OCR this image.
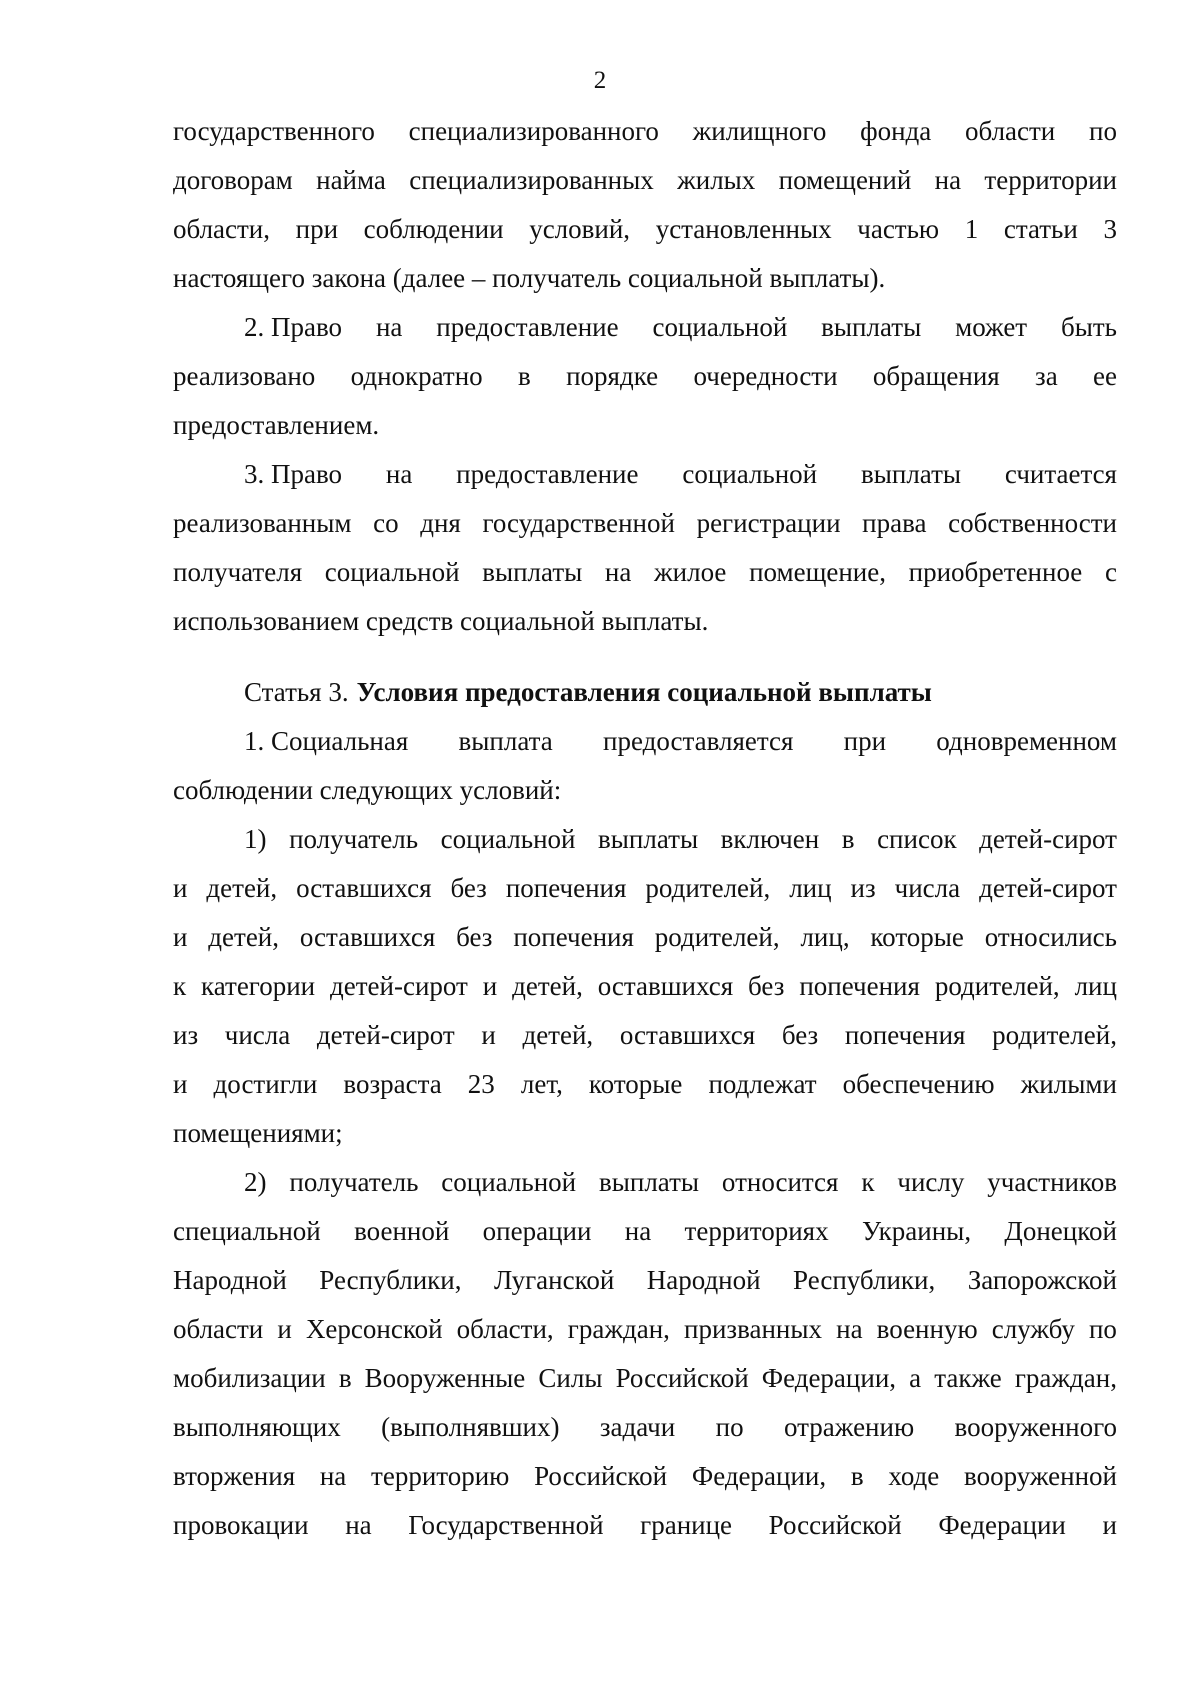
2
государственного специализированного жилищного фонда области по
договорам найма специализированных жилых помещений на территории
области, при соблюдении условий, установленных частью 1 статьи 3
настоящего закона (далее – получатель социальной выплаты).
2. Право на предоставление социальной выплаты может быть
реализовано однократно в порядке очередности обращения за ее
предоставлением.
3. Право на предоставление социальной выплаты считается
реализованным со дня государственной регистрации права собственности
получателя социальной выплаты на жилое помещение, приобретенное с
использованием средств социальной выплаты.
Статья 3. Условия предоставления социальной выплаты
1. Социальная выплата предоставляется при одновременном
соблюдении следующих условий:
1) получатель социальной выплаты включен в список детей-сирот
и детей, оставшихся без попечения родителей, лиц из числа детей-сирот
и детей, оставшихся без попечения родителей, лиц, которые относились
к категории детей-сирот и детей, оставшихся без попечения родителей, лиц
из числа детей-сирот и детей, оставшихся без попечения родителей,
и достигли возраста 23 лет, которые подлежат обеспечению жилыми
помещениями;
2) получатель социальной выплаты относится к числу участников
специальной военной операции на территориях Украины, Донецкой
Народной Республики, Луганской Народной Республики, Запорожской
области и Херсонской области, граждан, призванных на военную службу по
мобилизации в Вооруженные Силы Российской Федерации, а также граждан,
выполняющих (выполнявших) задачи по отражению вооруженного
вторжения на территорию Российской Федерации, в ходе вооруженной
провокации на Государственной границе Российской Федерации и
